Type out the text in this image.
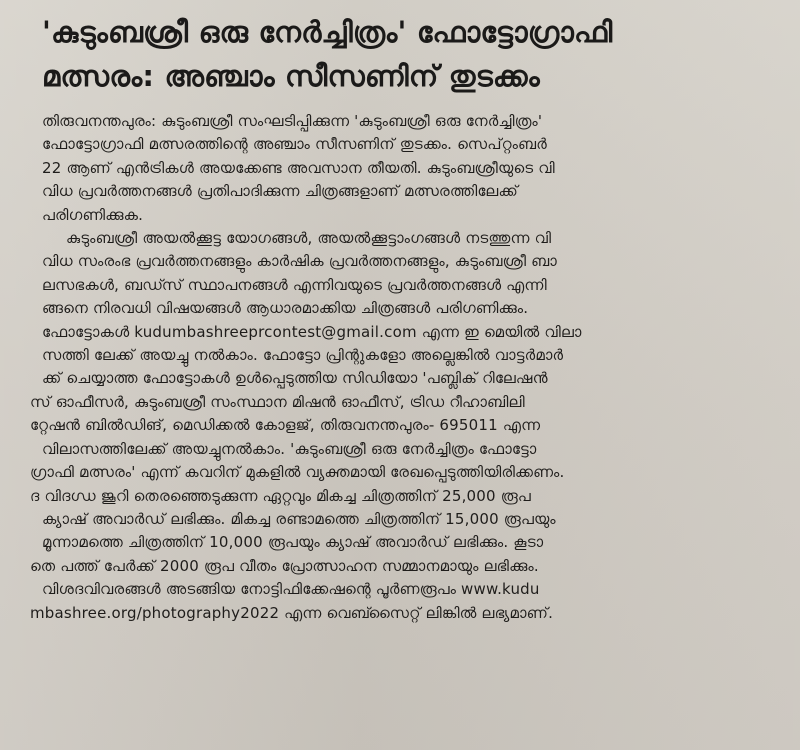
'കുടുംബശ്രീ ഒരു നേർച്ചിത്രം' ഫോട്ടോഗ്രാഫി
മത്സരം: അഞ്ചാം സീസണിന് തുടക്കം

തിരുവനന്തപുരം: കുടുംബശ്രീ സംഘടിപ്പിക്കുന്ന 'കുടുംബശ്രീ ഒരു നേർച്ചിത്രം'
ഫോട്ടോഗ്രാഫി മത്സരത്തിന്റെ അഞ്ചാം സീസണിന് തുടക്കം. സെപ്റ്റംബർ
22 ആണ് എൻട്രികൾ അയക്കേണ്ട അവസാന തീയതി. കുടുംബശ്രീയുടെ വി
വിധ പ്രവർത്തനങ്ങൾ പ്രതിപാദിക്കുന്ന ചിത്രങ്ങളാണ് മത്സരത്തിലേക്ക്
പരിഗണിക്കുക.

കുടുംബശ്രീ അയൽക്കൂട്ട യോഗങ്ങൾ, അയൽക്കൂട്ടാംഗങ്ങൾ നടത്തുന്ന വി
വിധ സംരംഭ പ്രവർത്തനങ്ങളും കാർഷിക പ്രവർത്തനങ്ങളും, കുടുംബശ്രീ ബാ
ലസഭകൾ, ബഡ്സ് സ്ഥാപനങ്ങൾ എന്നിവയുടെ പ്രവർത്തനങ്ങൾ എന്നി
ങ്ങനെ നിരവധി വിഷയങ്ങൾ ആധാരമാക്കിയ ചിത്രങ്ങൾ പരിഗണിക്കും.
ഫോട്ടോകൾ kudumbashreeprcontest@gmail.com എന്ന ഇ മെയിൽ വിലാ
സത്തി ലേക്ക് അയച്ചു നൽകാം. ഫോട്ടോ പ്രിന്റുകളോ അല്ലെങ്കിൽ വാട്ടർമാർ
ക്ക് ചെയ്യാത്ത ഫോട്ടോകൾ ഉൾപ്പെടുത്തിയ സിഡിയോ 'പബ്ലിക് റിലേഷൻ
സ് ഓഫീസർ, കുടുംബശ്രീ സംസ്ഥാന മിഷൻ ഓഫീസ്, ട്രിഡ റീഹാബിലി
റ്റേഷൻ ബിൽഡിങ്, മെഡിക്കൽ കോളജ്, തിരുവനന്തപുരം- 695011 എന്ന
വിലാസത്തിലേക്ക് അയച്ചുനൽകാം. 'കുടുംബശ്രീ ഒരു നേർച്ചിത്രം ഫോട്ടോ
ഗ്രാഫി മത്സരം' എന്ന് കവറിന് മുകളിൽ വ്യക്തമായി രേഖപ്പെടുത്തിയിരിക്കണം.
ദ വിദഗ്ധ ജൂറി തെരഞ്ഞെടുക്കുന്ന ഏറ്റവും മികച്ച ചിത്രത്തിന് 25,000 രൂപ
ക്യാഷ് അവാർഡ് ലഭിക്കും. മികച്ച രണ്ടാമത്തെ ചിത്രത്തിന് 15,000 രൂപയും
മൂന്നാമത്തെ ചിത്രത്തിന് 10,000 രൂപയും ക്യാഷ് അവാർഡ് ലഭിക്കും. കൂടാ
തെ പത്ത് പേർക്ക് 2000 രൂപ വീതം പ്രോത്സാഹന സമ്മാനമായും ലഭിക്കും.
വിശദവിവരങ്ങൾ അടങ്ങിയ നോട്ടിഫിക്കേഷന്റെ പൂർണരൂപം www.kudu
mbashree.org/photography2022 എന്ന വെബ്സൈറ്റ് ലിങ്കിൽ ലഭ്യമാണ്.
